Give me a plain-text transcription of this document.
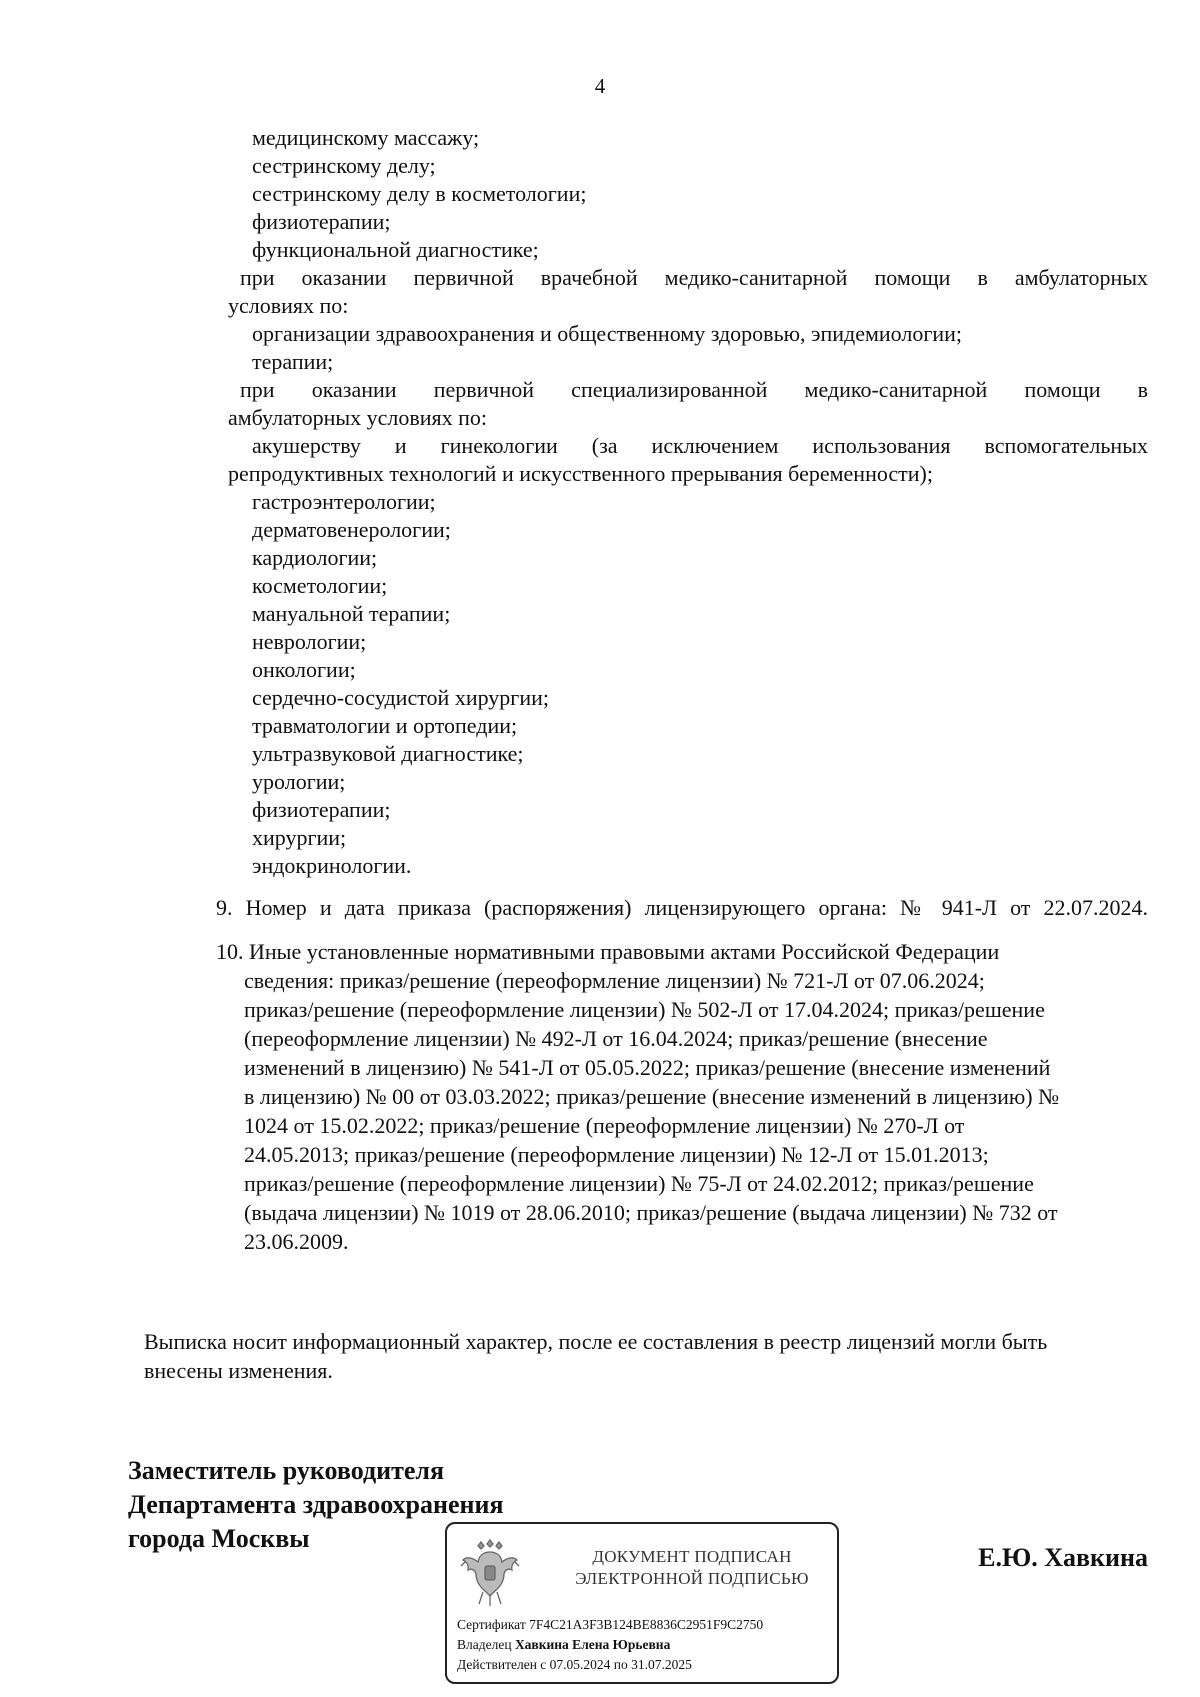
4
медицинскому массажу;
сестринскому делу;
сестринскому делу в косметологии;
физиотерапии;
функциональной диагностике;
при оказании первичной врачебной медико-санитарной помощи в амбулаторных
условиях по:
организации здравоохранения и общественному здоровью, эпидемиологии;
терапии;
при оказании первичной специализированной медико-санитарной помощи в
амбулаторных условиях по:
акушерству и гинекологии (за исключением использования вспомогательных
репродуктивных технологий и искусственного прерывания беременности);
гастроэнтерологии;
дерматовенерологии;
кардиологии;
косметологии;
мануальной терапии;
неврологии;
онкологии;
сердечно-сосудистой хирургии;
травматологии и ортопедии;
ультразвуковой диагностике;
урологии;
физиотерапии;
хирургии;
эндокринологии.
9. Номер и дата приказа (распоряжения) лицензирующего органа: № 941-Л от 22.07.2024.
10. Иные установленные нормативными правовыми актами Российской Федерации
сведения: приказ/решение (переоформление лицензии) № 721-Л от 07.06.2024;
приказ/решение (переоформление лицензии) № 502-Л от 17.04.2024; приказ/решение
(переоформление лицензии) № 492-Л от 16.04.2024; приказ/решение (внесение
изменений в лицензию) № 541-Л от 05.05.2022; приказ/решение (внесение изменений
в лицензию) № 00 от 03.03.2022; приказ/решение (внесение изменений в лицензию) №
1024 от 15.02.2022; приказ/решение (переоформление лицензии) № 270-Л от
24.05.2013; приказ/решение (переоформление лицензии) № 12-Л от 15.01.2013;
приказ/решение (переоформление лицензии) № 75-Л от 24.02.2012; приказ/решение
(выдача лицензии) № 1019 от 28.06.2010; приказ/решение (выдача лицензии) № 732 от
23.06.2009.
Выписка носит информационный характер, после ее составления в реестр лицензий могли быть
внесены изменения.
Заместитель руководителя
Департамента здравоохранения
города Москвы
Е.Ю. Хавкина
ДОКУМЕНТ ПОДПИСАН
ЭЛЕКТРОННОЙ ПОДПИСЬЮ
Сертификат 7F4C21A3F3B124BE8836C2951F9C2750
Владелец Хавкина Елена Юрьевна
Действителен с 07.05.2024 по 31.07.2025
